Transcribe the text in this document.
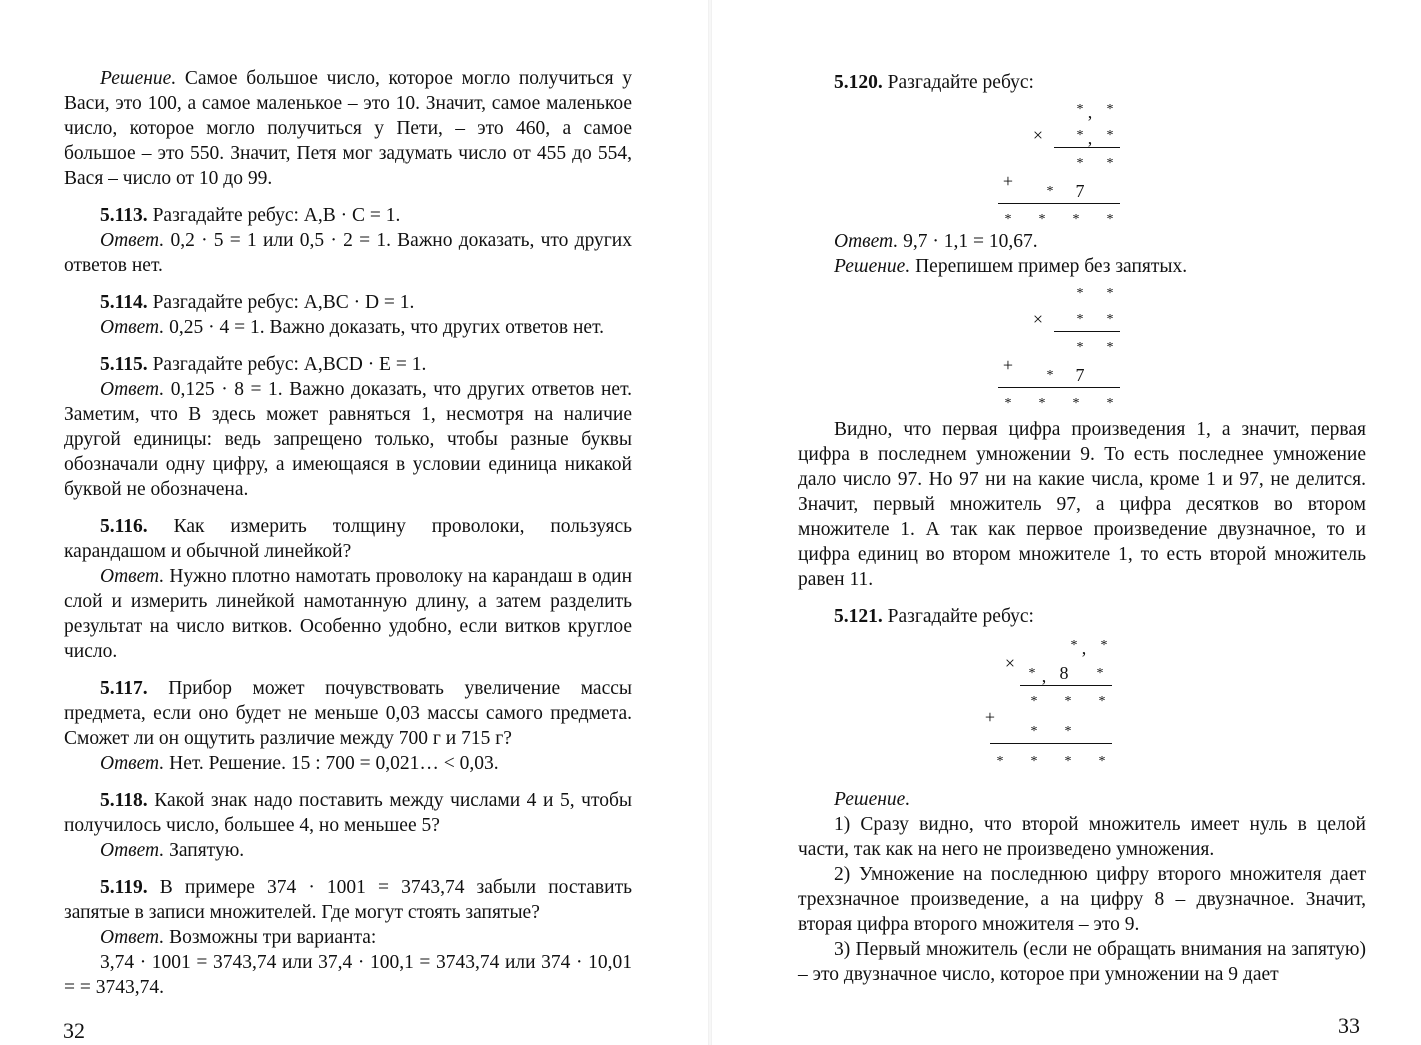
Решение. Самое большое число, которое могло получиться у Васи, это 100, а самое маленькое – это 10. Значит, самое маленькое число, которое могло получиться у Пети, – это 460, а самое большое – это 550. Значит, Петя мог задумать число от 455 до 554, Вася – число от 10 до 99.

5.113. Разгадайте ребус: A,B · C = 1.

Ответ. 0,2 · 5 = 1 или 0,5 · 2 = 1. Важно доказать, что других ответов нет.

5.114. Разгадайте ребус: A,BC · D = 1.

Ответ. 0,25 · 4 = 1. Важно доказать, что других ответов нет.

5.115. Разгадайте ребус: A,BCD · E = 1.

Ответ. 0,125 · 8 = 1. Важно доказать, что других ответов нет. Заметим, что B здесь может равняться 1, несмотря на наличие другой единицы: ведь запрещено только, чтобы разные буквы обозначали одну цифру, а имеющаяся в условии единица никакой буквой не обозначена.

5.116. Как измерить толщину проволоки, пользуясь карандашом и обычной линейкой?

Ответ. Нужно плотно намотать проволоку на карандаш в один слой и измерить линейкой намотанную длину, а затем разделить результат на число витков. Особенно удобно, если витков круглое число.

5.117. Прибор может почувствовать увеличение массы предмета, если оно будет не меньше 0,03 массы самого предмета. Сможет ли он ощутить различие между 700 г и 715 г?

Ответ. Нет. Решение. 15 : 700 = 0,021… < 0,03.

5.118. Какой знак надо поставить между числами 4 и 5, чтобы получилось число, большее 4, но меньшее 5?

Ответ. Запятую.

5.119. В примере 374 · 1001 = 3743,74 забыли поставить запятые в записи множителей. Где могут стоять запятые?

Ответ. Возможны три варианта:

3,74 · 1001 = 3743,74 или 37,4 · 100,1 = 3743,74 или 374 · 10,01 = = 3743,74.

32

5.120. Разгадайте ребус:

* ,	*
×	* ,	*
*	*
+
*	7
*	*	*	*

Ответ. 9,7 · 1,1 = 10,67.

Решение. Перепишем пример без запятых.

*	*
×	*	*
*	*
+
*	7
*	*	*	*

Видно, что первая цифра произведения 1, а значит, первая цифра в последнем умножении 9. То есть последнее умножение дало число 97. Но 97 ни на какие числа, кроме 1 и 97, не делится. Значит, первый множитель 97, а цифра десятков во втором множителе 1. А так как первое произведение двузначное, то и цифра единиц во втором множителе 1, то есть второй множитель равен 11.

5.121. Разгадайте ребус:

* ,	*
×
* , 8	*
*	*	*
+
*	*
*	*	*	*

Решение.

1) Сразу видно, что второй множитель имеет нуль в целой части, так как на него не произведено умножения.

2) Умножение на последнюю цифру второго множителя дает трехзначное произведение, а на цифру 8 – двузначное. Значит, вторая цифра второго множителя – это 9.

3) Первый множитель (если не обращать внимания на запятую) – это двузначное число, которое при умножении на 9 дает

33
